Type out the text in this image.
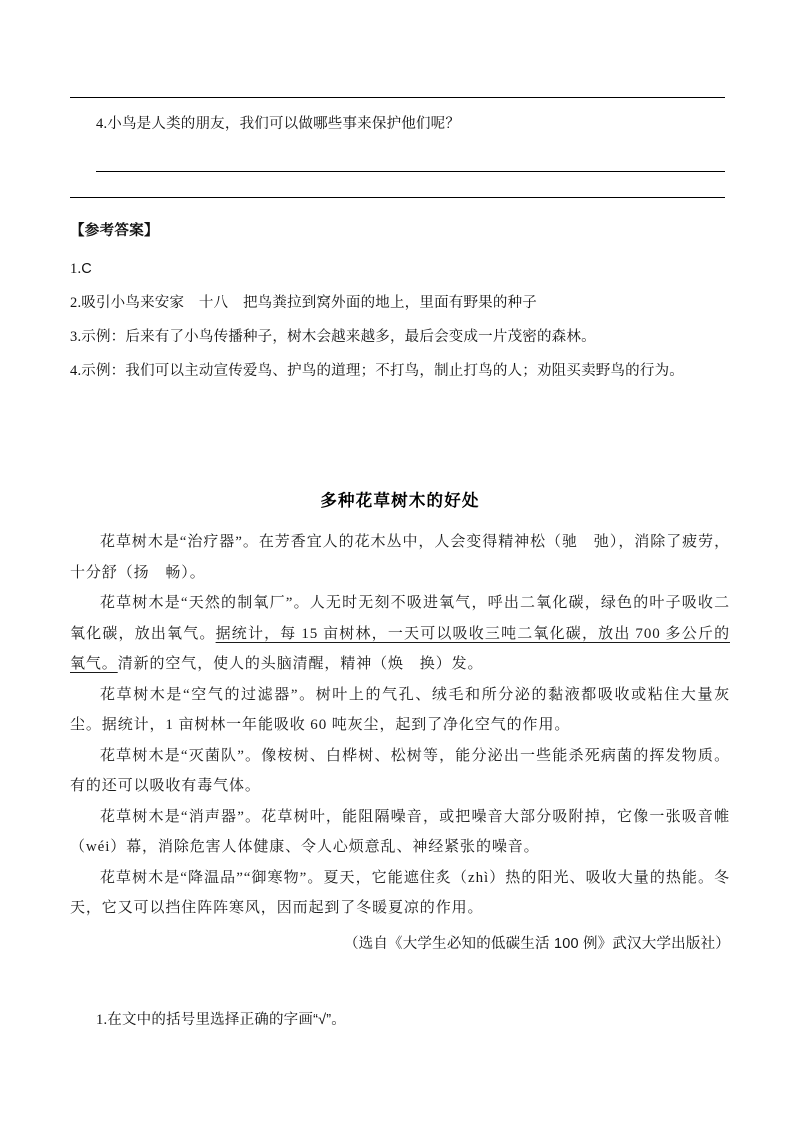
4.小鸟是人类的朋友，我们可以做哪些事来保护他们呢？

【参考答案】

1.C

2.吸引小鸟来安家　十八　把鸟粪拉到窝外面的地上，里面有野果的种子

3.示例：后来有了小鸟传播种子，树木会越来越多，最后会变成一片茂密的森林。

4.示例：我们可以主动宣传爱鸟、护鸟的道理；不打鸟，制止打鸟的人；劝阻买卖野鸟的行为。

多种花草树木的好处

花草树木是“治疗器”。在芳香宜人的花木丛中，人会变得精神松（驰　弛），消除了疲劳，十分舒（扬　畅）。

花草树木是“天然的制氧厂”。人无时无刻不吸进氧气，呼出二氧化碳，绿色的叶子吸收二氧化碳，放出氧气。据统计，每 15 亩树林，一天可以吸收三吨二氧化碳，放出 700 多公斤的氧气。清新的空气，使人的头脑清醒，精神（焕　换）发。

花草树木是“空气的过滤器”。树叶上的气孔、绒毛和所分泌的黏液都吸收或粘住大量灰尘。据统计，1 亩树林一年能吸收 60 吨灰尘，起到了净化空气的作用。

花草树木是“灭菌队”。像桉树、白桦树、松树等，能分泌出一些能杀死病菌的挥发物质。有的还可以吸收有毒气体。

花草树木是“消声器”。花草树叶，能阻隔噪音，或把噪音大部分吸附掉，它像一张吸音帷（wéi）幕，消除危害人体健康、令人心烦意乱、神经紧张的噪音。

花草树木是“降温品”“御寒物”。夏天，它能遮住炙（zhì）热的阳光、吸收大量的热能。冬天，它又可以挡住阵阵寒风，因而起到了冬暖夏凉的作用。

（选自《大学生必知的低碳生活 100 例》武汉大学出版社）

1.在文中的括号里选择正确的字画“√”。
